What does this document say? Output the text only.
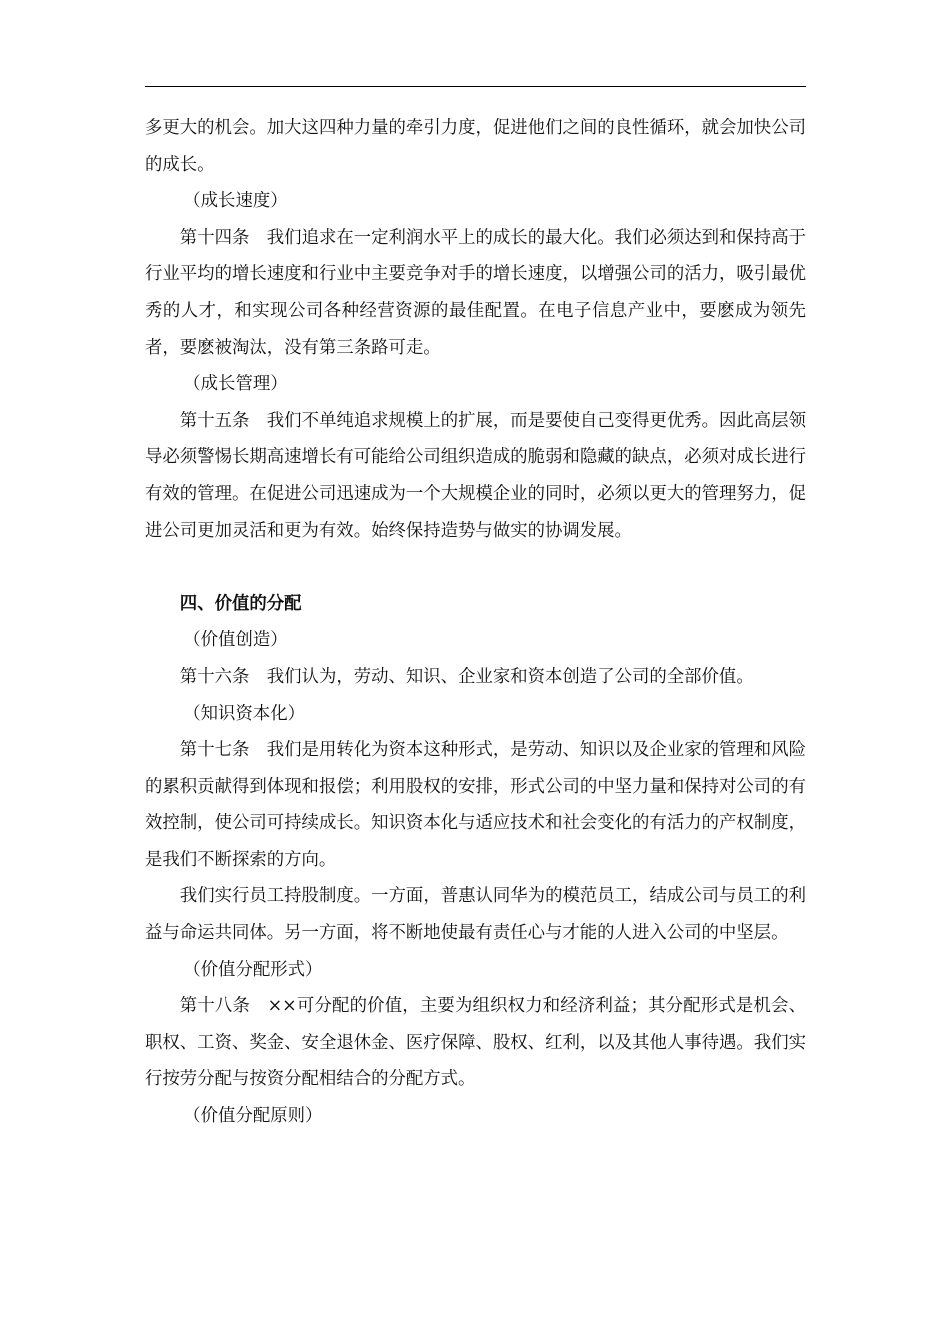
多更大的机会。加大这四种力量的牵引力度，促进他们之间的良性循环，就会加快公司的成长。

（成长速度）

第十四条　我们追求在一定利润水平上的成长的最大化。我们必须达到和保持高于行业平均的增长速度和行业中主要竞争对手的增长速度，以增强公司的活力，吸引最优秀的人才，和实现公司各种经营资源的最佳配置。在电子信息产业中，要麽成为领先者，要麽被淘汰，没有第三条路可走。

（成长管理）

第十五条　我们不单纯追求规模上的扩展，而是要使自己变得更优秀。因此高层领导必须警惕长期高速增长有可能给公司组织造成的脆弱和隐藏的缺点，必须对成长进行有效的管理。在促进公司迅速成为一个大规模企业的同时，必须以更大的管理努力，促进公司更加灵活和更为有效。始终保持造势与做实的协调发展。

四、价值的分配

（价值创造）

第十六条　我们认为，劳动、知识、企业家和资本创造了公司的全部价值。

（知识资本化）

第十七条　我们是用转化为资本这种形式，是劳动、知识以及企业家的管理和风险的累积贡献得到体现和报偿；利用股权的安排，形式公司的中坚力量和保持对公司的有效控制，使公司可持续成长。知识资本化与适应技术和社会变化的有活力的产权制度，是我们不断探索的方向。

我们实行员工持股制度。一方面，普惠认同华为的模范员工，结成公司与员工的利益与命运共同体。另一方面，将不断地使最有责任心与才能的人进入公司的中坚层。

（价值分配形式）

第十八条　××可分配的价值，主要为组织权力和经济利益；其分配形式是机会、职权、工资、奖金、安全退休金、医疗保障、股权、红利，以及其他人事待遇。我们实行按劳分配与按资分配相结合的分配方式。

（价值分配原则）
